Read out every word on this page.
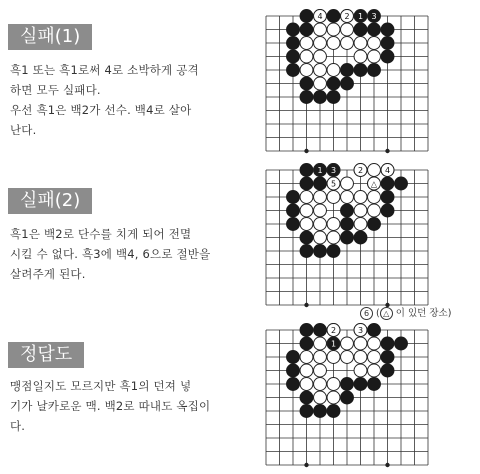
실패(1)
흑1 또는 흑1로써 4로 소박하게 공격
하면 모두 실패다.
우선 흑1은 백2가 선수. 백4로 살아
난다.
실패(2)
흑1은 백2로 단수를 치게 되어 전멸
시킬 수 없다. 흑3에 백4, 6으로 절반을
살려주게 된다.
정답도
맹점일지도 모르지만 흑1의 던져 넣
기가 날카로운 맥. 백2로 따내도 옥집이
다.
4	2 1 3
1 3	2	4
5	△
6 ( △ 이 있던 장소)
2	3
1
